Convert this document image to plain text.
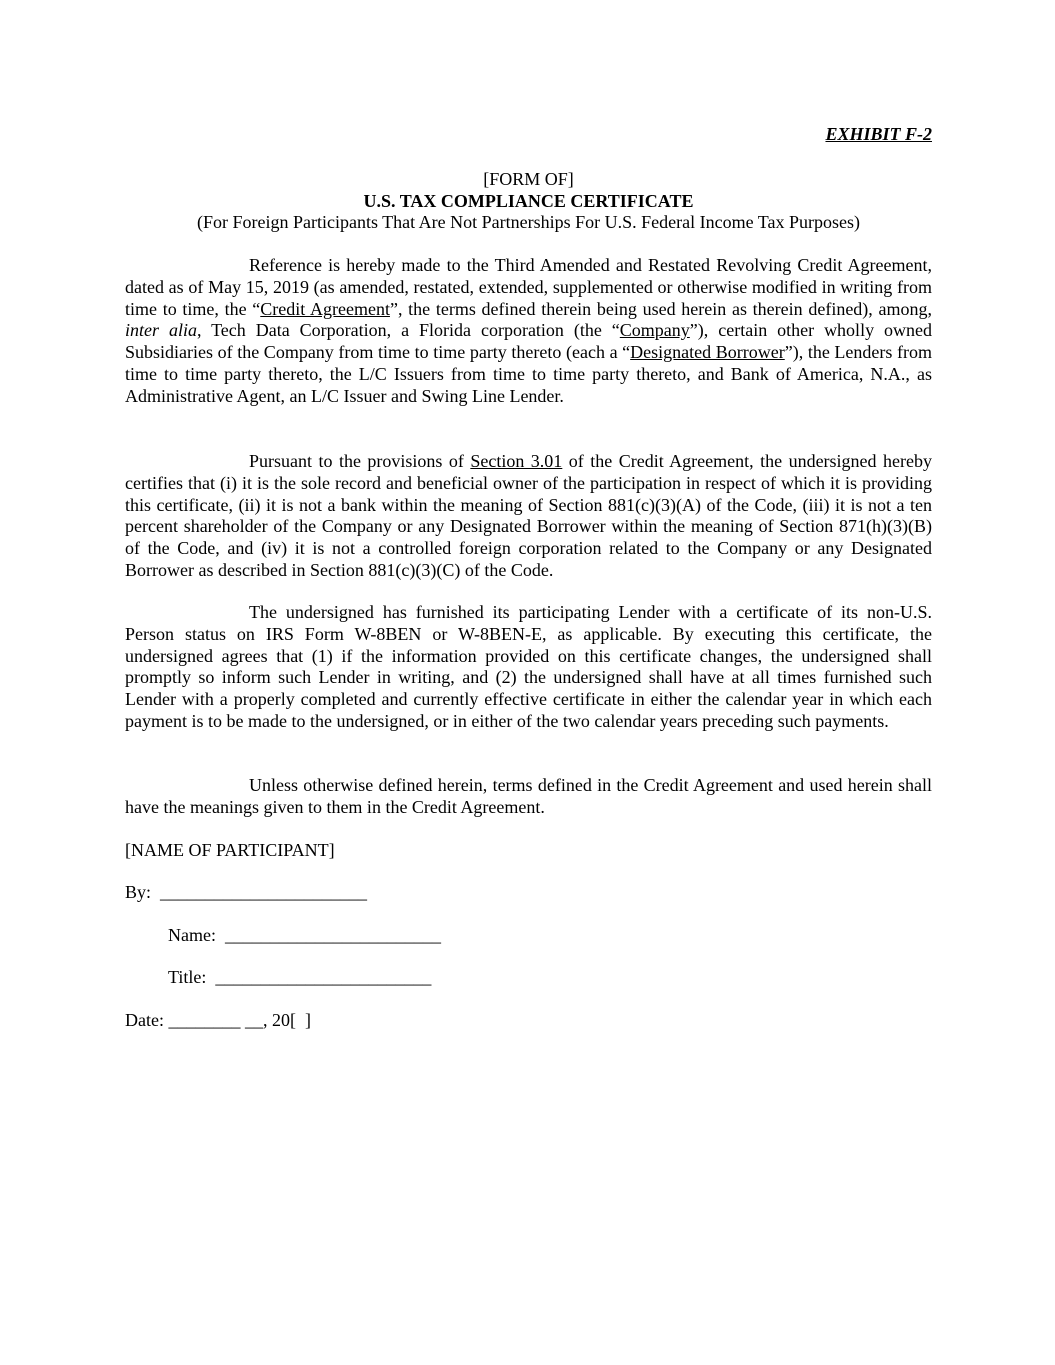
EXHIBIT F-2
[FORM OF]
U.S. TAX COMPLIANCE CERTIFICATE
(For Foreign Participants That Are Not Partnerships For U.S. Federal Income Tax Purposes)

Reference is hereby made to the Third Amended and Restated Revolving Credit Agreement, dated as of May 15, 2019 (as amended, restated, extended, supplemented or otherwise modified in writing from time to time, the “Credit Agreement”, the terms defined therein being used herein as therein defined), among, inter alia, Tech Data Corporation, a Florida corporation (the “Company”), certain other wholly owned Subsidiaries of the Company from time to time party thereto (each a “Designated Borrower”), the Lenders from time to time party thereto, the L/C Issuers from time to time party thereto, and Bank of America, N.A., as Administrative Agent, an L/C Issuer and Swing Line Lender.

Pursuant to the provisions of Section 3.01 of the Credit Agreement, the undersigned hereby certifies that (i) it is the sole record and beneficial owner of the participation in respect of which it is providing this certificate, (ii) it is not a bank within the meaning of Section 881(c)(3)(A) of the Code, (iii) it is not a ten percent shareholder of the Company or any Designated Borrower within the meaning of Section 871(h)(3)(B) of the Code, and (iv) it is not a controlled foreign corporation related to the Company or any Designated Borrower as described in Section 881(c)(3)(C) of the Code.

The undersigned has furnished its participating Lender with a certificate of its non-U.S. Person status on IRS Form W-8BEN or W-8BEN-E, as applicable. By executing this certificate, the undersigned agrees that (1) if the information provided on this certificate changes, the undersigned shall promptly so inform such Lender in writing, and (2) the undersigned shall have at all times furnished such Lender with a properly completed and currently effective certificate in either the calendar year in which each payment is to be made to the undersigned, or in either of the two calendar years preceding such payments.

Unless otherwise defined herein, terms defined in the Credit Agreement and used herein shall have the meanings given to them in the Credit Agreement.

[NAME OF PARTICIPANT]
By:  _______________________
Name:  ________________________
Title:  ________________________
Date: ________ __, 20[  ]
